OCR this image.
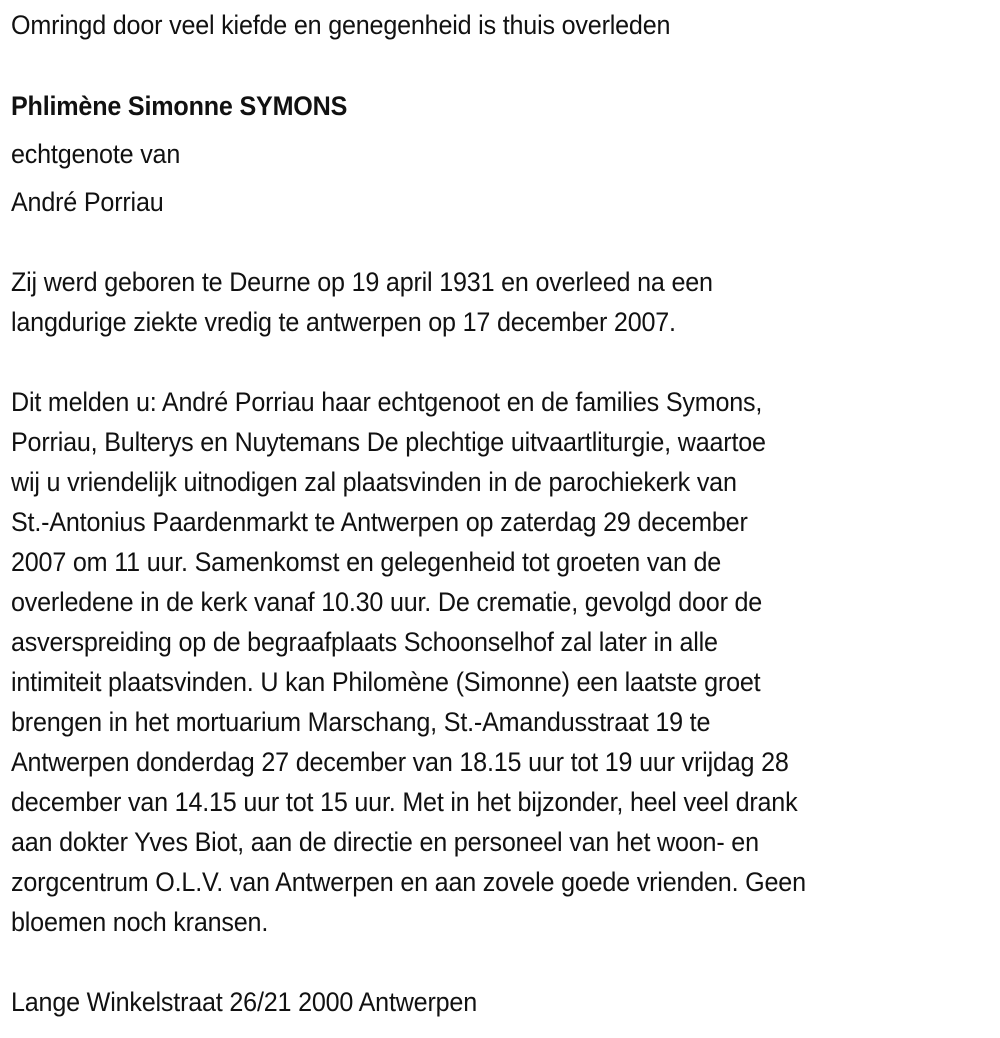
Omringd door veel kiefde en genegenheid is thuis overleden
Phlimène Simonne SYMONS
echtgenote van
André Porriau
Zij werd geboren te Deurne op 19 april 1931 en overleed na een
langdurige ziekte vredig te antwerpen op 17 december 2007.
Dit melden u: André Porriau haar echtgenoot en de families Symons,
Porriau, Bulterys en Nuytemans De plechtige uitvaartliturgie, waartoe
wij u vriendelijk uitnodigen zal plaatsvinden in de parochiekerk van
St.-Antonius Paardenmarkt te Antwerpen op zaterdag 29 december
2007 om 11 uur. Samenkomst en gelegenheid tot groeten van de
overledene in de kerk vanaf 10.30 uur. De crematie, gevolgd door de
asverspreiding op de begraafplaats Schoonselhof zal later in alle
intimiteit plaatsvinden. U kan Philomène (Simonne) een laatste groet
brengen in het mortuarium Marschang, St.-Amandusstraat 19 te
Antwerpen donderdag 27 december van 18.15 uur tot 19 uur vrijdag 28
december van 14.15 uur tot 15 uur. Met in het bijzonder, heel veel drank
aan dokter Yves Biot, aan de directie en personeel van het woon- en
zorgcentrum O.L.V. van Antwerpen en aan zovele goede vrienden. Geen
bloemen noch kransen.
Lange Winkelstraat 26/21 2000 Antwerpen
